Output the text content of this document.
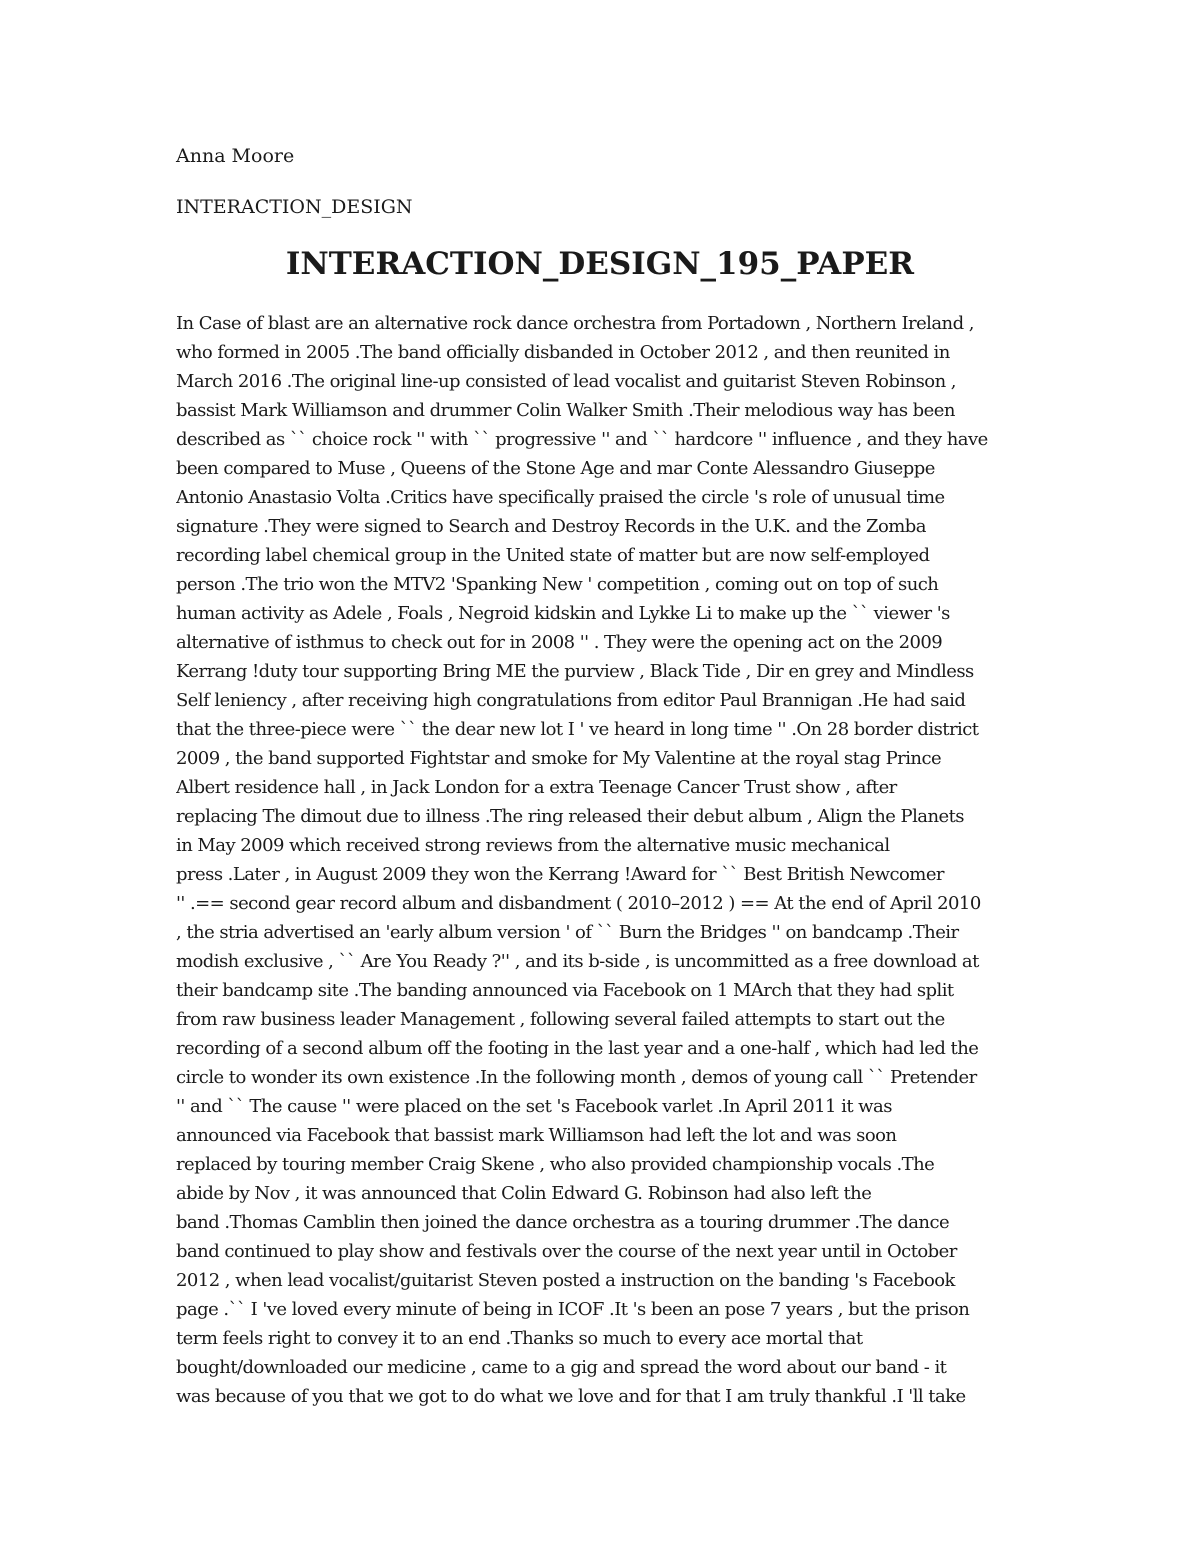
Anna Moore
INTERACTION_DESIGN
INTERACTION_DESIGN_195_PAPER
In Case of blast are an alternative rock dance orchestra from Portadown , Northern Ireland ,
who formed in 2005 .The band officially disbanded in October 2012 , and then reunited in
March 2016 .The original line-up consisted of lead vocalist and guitarist Steven Robinson ,
bassist Mark Williamson and drummer Colin Walker Smith .Their melodious way has been
described as `` choice rock '' with `` progressive '' and `` hardcore '' influence , and they have
been compared to Muse , Queens of the Stone Age and mar Conte Alessandro Giuseppe
Antonio Anastasio Volta .Critics have specifically praised the circle 's role of unusual time
signature .They were signed to Search and Destroy Records in the U.K. and the Zomba
recording label chemical group in the United state of matter but are now self-employed
person .The trio won the MTV2 'Spanking New ' competition , coming out on top of such
human activity as Adele , Foals , Negroid kidskin and Lykke Li to make up the `` viewer 's
alternative of isthmus to check out for in 2008 '' . They were the opening act on the 2009
Kerrang !duty tour supporting Bring ME the purview , Black Tide , Dir en grey and Mindless
Self leniency , after receiving high congratulations from editor Paul Brannigan .He had said
that the three-piece were `` the dear new lot I ' ve heard in long time '' .On 28 border district
2009 , the band supported Fightstar and smoke for My Valentine at the royal stag Prince
Albert residence hall , in Jack London for a extra Teenage Cancer Trust show , after
replacing The dimout due to illness .The ring released their debut album , Align the Planets
in May 2009 which received strong reviews from the alternative music mechanical
press .Later , in August 2009 they won the Kerrang !Award for `` Best British Newcomer
'' .== second gear record album and disbandment ( 2010–2012 ) == At the end of April 2010
, the stria advertised an 'early album version ' of `` Burn the Bridges '' on bandcamp .Their
modish exclusive , `` Are You Ready ?'' , and its b-side , is uncommitted as a free download at
their bandcamp site .The banding announced via Facebook on 1 MArch that they had split
from raw business leader Management , following several failed attempts to start out the
recording of a second album off the footing in the last year and a one-half , which had led the
circle to wonder its own existence .In the following month , demos of young call `` Pretender
'' and `` The cause '' were placed on the set 's Facebook varlet .In April 2011 it was
announced via Facebook that bassist mark Williamson had left the lot and was soon
replaced by touring member Craig Skene , who also provided championship vocals .The
abide by Nov , it was announced that Colin Edward G. Robinson had also left the
band .Thomas Camblin then joined the dance orchestra as a touring drummer .The dance
band continued to play show and festivals over the course of the next year until in October
2012 , when lead vocalist/guitarist Steven posted a instruction on the banding 's Facebook
page .`` I 've loved every minute of being in ICOF .It 's been an pose 7 years , but the prison
term feels right to convey it to an end .Thanks so much to every ace mortal that
bought/downloaded our medicine , came to a gig and spread the word about our band - it
was because of you that we got to do what we love and for that I am truly thankful .I 'll take
